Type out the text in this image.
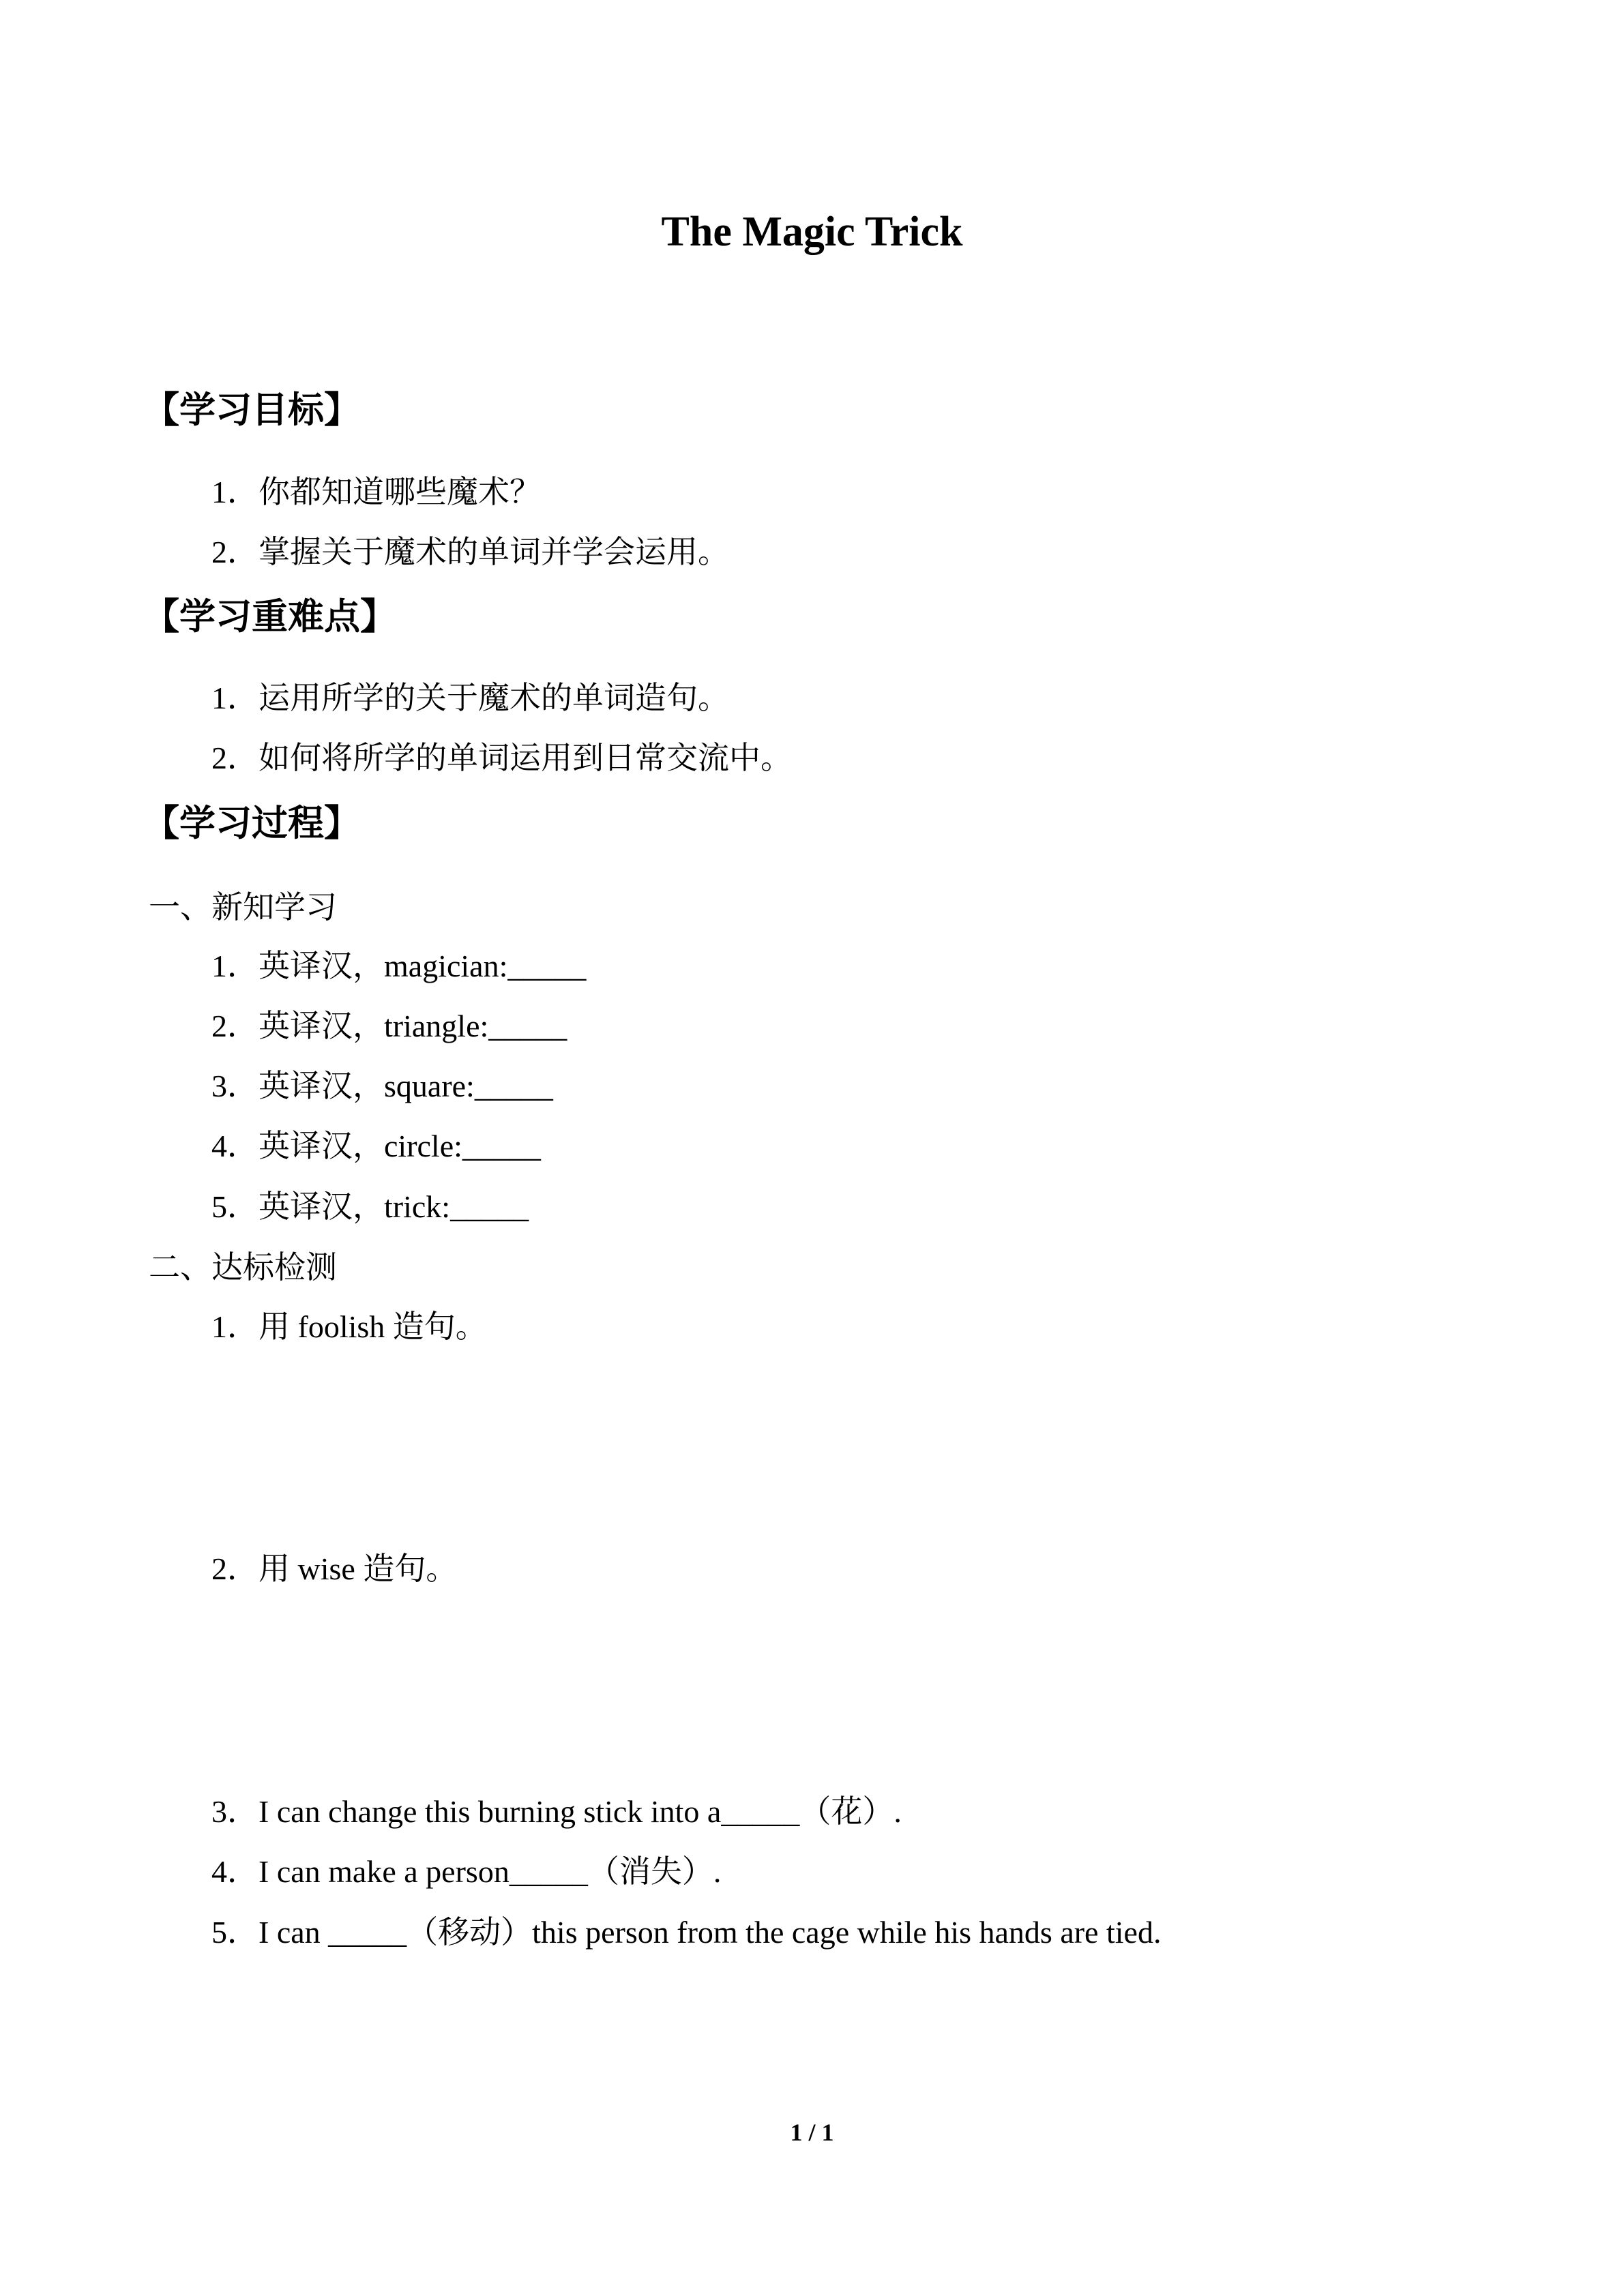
The Magic Trick
【学习目标】
1．你都知道哪些魔术？
2．掌握关于魔术的单词并学会运用。
【学习重难点】
1．运用所学的关于魔术的单词造句。
2．如何将所学的单词运用到日常交流中。
【学习过程】
一、新知学习
1．英译汉，magician:_____
2．英译汉，triangle:_____
3．英译汉，square:_____
4．英译汉，circle:_____
5．英译汉，trick:_____
二、达标检测
1．用 foolish 造句。
2．用 wise 造句。
3．I can change this burning stick into a_____（花）.
4．I can make a person_____（消失）.
5．I can _____（移动）this person from the cage while his hands are tied.
1 / 1
